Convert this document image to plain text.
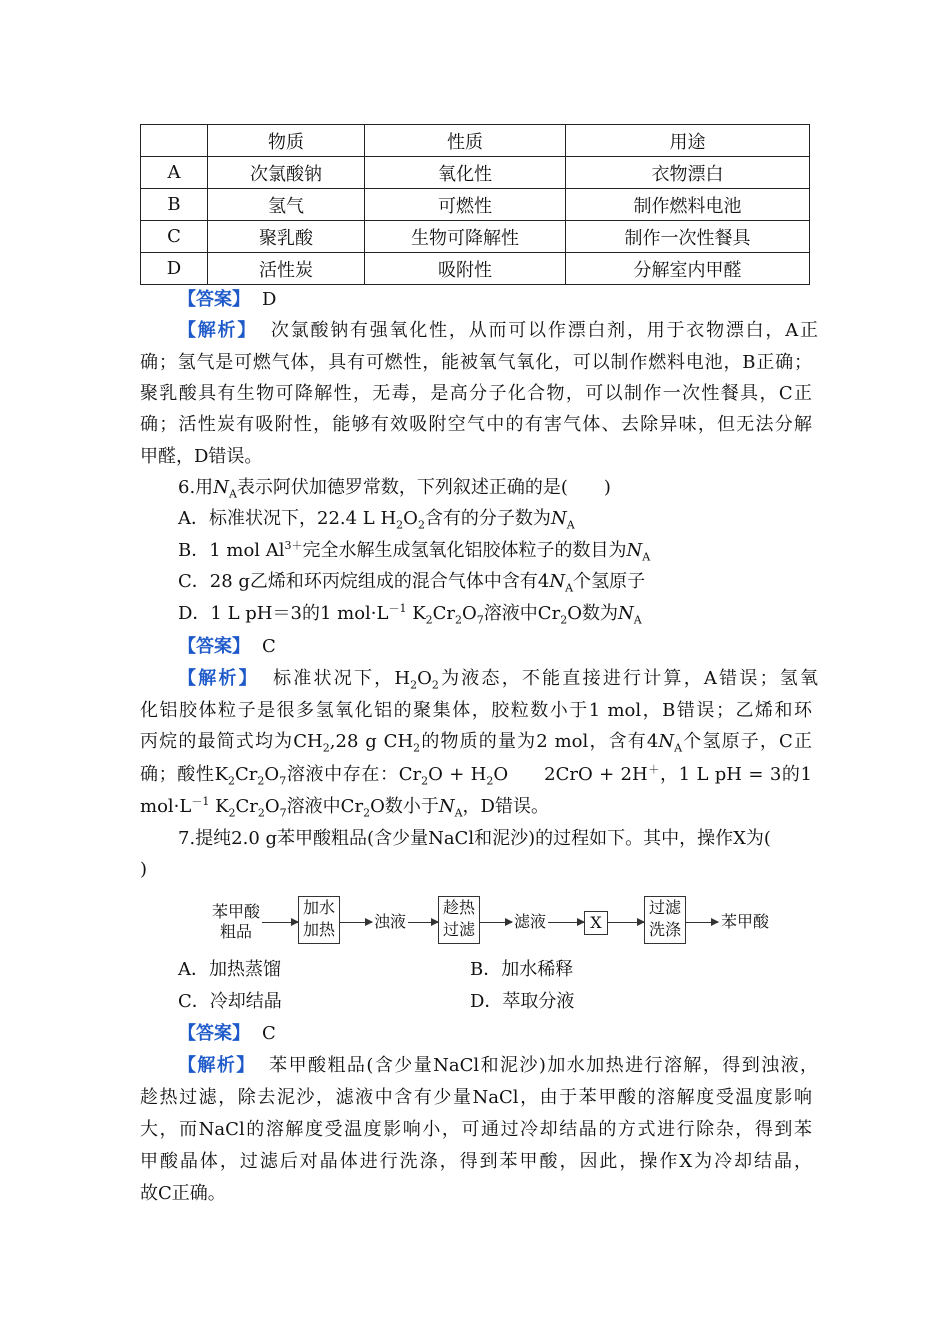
	物质	性质	用途
A	次氯酸钠	氧化性	衣物漂白
B	氢气	可燃性	制作燃料电池
C	聚乳酸	生物可降解性	制作一次性餐具
D	活性炭	吸附性	分解室内甲醛
【答案】 D
【解析】 次氯酸钠有强氧化性，从而可以作漂白剂，用于衣物漂白，A正
确；氢气是可燃气体，具有可燃性，能被氧气氧化，可以制作燃料电池，B正确；
聚乳酸具有生物可降解性，无毒，是高分子化合物，可以制作一次性餐具，C正
确；活性炭有吸附性，能够有效吸附空气中的有害气体、去除异味，但无法分解
甲醛，D错误。
6.用$N_A$表示阿伏加德罗常数，下列叙述正确的是(　　)
A．标准状况下，22.4 L $H_2O_2$含有的分子数为$N_A$
B．1 mol $Al^{3+}$完全水解生成氢氧化铝胶体粒子的数目为$N_A$
C．28 g乙烯和环丙烷组成的混合气体中含有$4N_A$个氢原子
D．1 L pH＝3的1 $mol\cdot L^{-1}$ $K_2Cr_2O_7$溶液中$Cr_2O$数为$N_A$
【答案】 C
【解析】 标准状况下，$H_2O_2$为液态，不能直接进行计算，A错误；氢氧
化铝胶体粒子是很多氢氧化铝的聚集体，胶粒数小于1 mol，B错误；乙烯和环
丙烷的最简式均为$CH_2,28$ g $CH_2$的物质的量为2 mol，含有$4N_A$个氢原子，C正
确；酸性$K_2Cr_2O_7$溶液中存在：$Cr_2O + H_2O$ 2CrO + 2H＋，1 L pH = 3的1
$mol\cdot L^{-1}$ $K_2Cr_2O_7$溶液中$Cr_2O$数小于$N_A$，D错误。
7.提纯2.0 g苯甲酸粗品(含少量NaCl和泥沙)的过程如下。其中，操作X为(
)
苯甲酸
粗品
加水
加热 浊液
趁热
过滤 滤液	X
过滤
洗涤 苯甲酸
A．加热蒸馏	B．加水稀释
C．冷却结晶	D．萃取分液
【答案】 C
【解析】 苯甲酸粗品(含少量NaCl和泥沙)加水加热进行溶解，得到浊液，
趁热过滤，除去泥沙，滤液中含有少量NaCl，由于苯甲酸的溶解度受温度影响
大，而NaCl的溶解度受温度影响小，可通过冷却结晶的方式进行除杂，得到苯
甲酸晶体，过滤后对晶体进行洗涤，得到苯甲酸，因此，操作X为冷却结晶，
故C正确。
